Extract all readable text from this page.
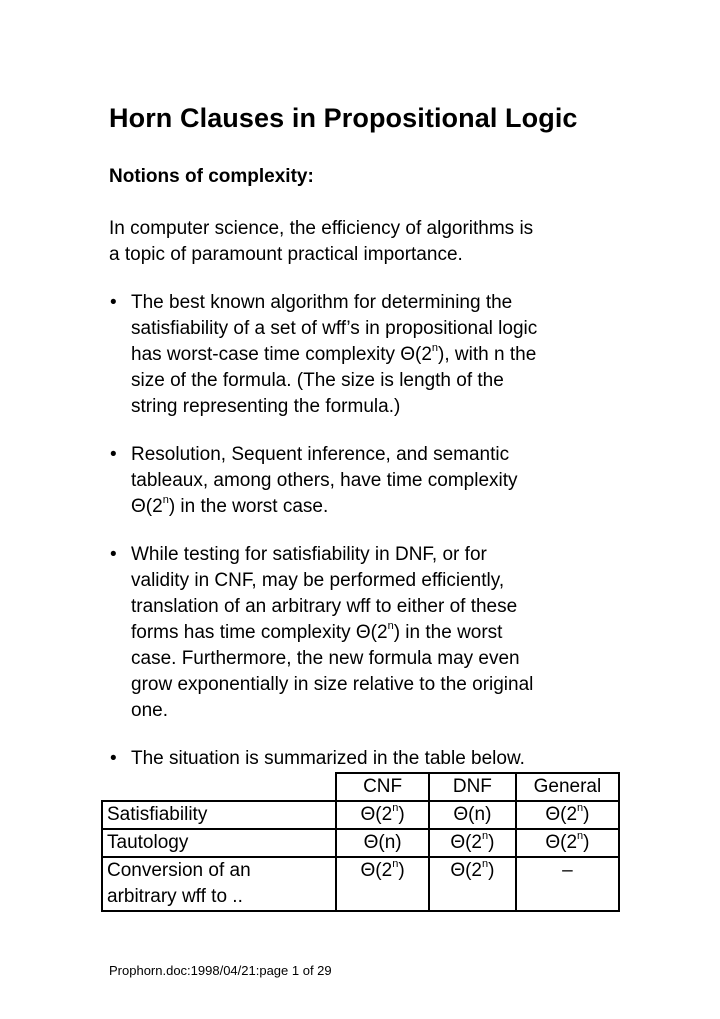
Horn Clauses in Propositional Logic
Notions of complexity:
In computer science, the efficiency of algorithms is
a topic of paramount practical importance.
• The best known algorithm for determining the
satisfiability of a set of wff’s in propositional logic
has worst-case time complexity Θ(2$^n$), with n the
size of the formula. (The size is length of the
string representing the formula.)
• Resolution, Sequent inference, and semantic
tableaux, among others, have time complexity
Θ(2$^n$) in the worst case.
• While testing for satisfiability in DNF, or for
validity in CNF, may be performed efficiently,
translation of an arbitrary wff to either of these
forms has time complexity Θ(2$^n$) in the worst
case. Furthermore, the new formula may even
grow exponentially in size relative to the original
one.
• The situation is summarized in the table below.
	CNF	DNF	General
Satisfiability	Θ(2$^n$)	Θ(n)	Θ(2$^n$)
Tautology	Θ(n)	Θ(2$^n$)	Θ(2$^n$)

Conversion of an
arbitrary wff to ..	Θ(2$^n$)	Θ(2$^n$)	–
Prophorn.doc:1998/04/21:page 1 of 29
